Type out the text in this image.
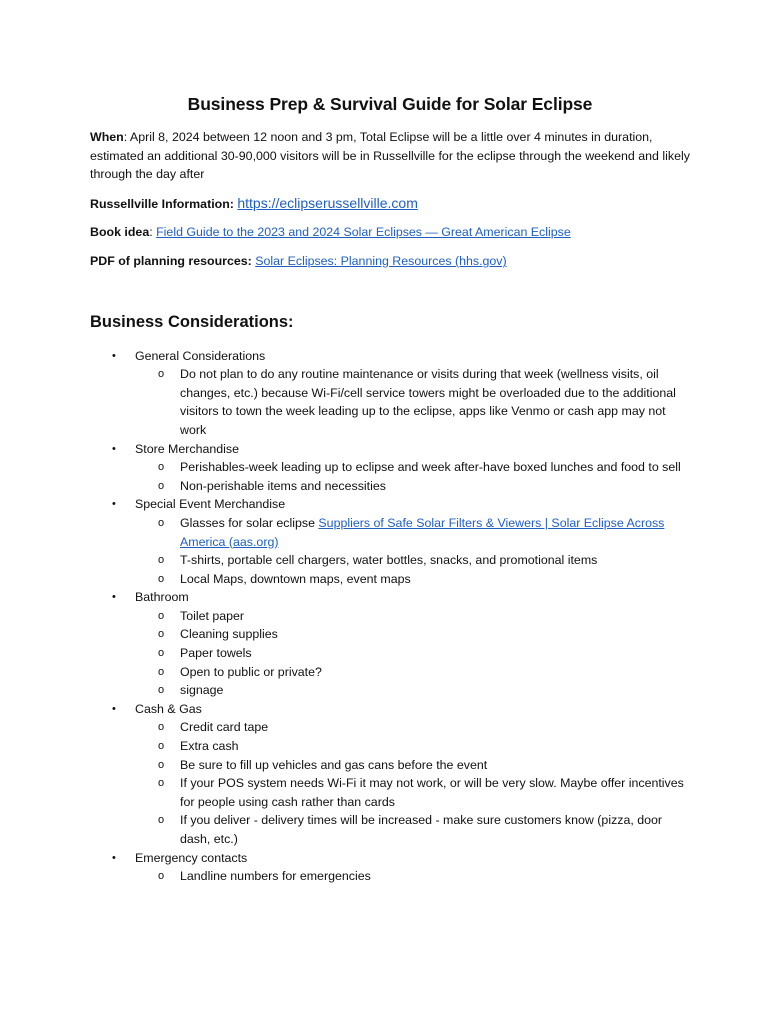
Business Prep & Survival Guide for Solar Eclipse
When: April 8, 2024 between 12 noon and 3 pm, Total Eclipse will be a little over 4 minutes in duration, estimated an additional 30-90,000 visitors will be in Russellville for the eclipse through the weekend and likely through the day after
Russellville Information: https://eclipserussellville.com
Book idea: Field Guide to the 2023 and 2024 Solar Eclipses — Great American Eclipse
PDF of planning resources: Solar Eclipses: Planning Resources (hhs.gov)
Business Considerations:
• General Considerations
o Do not plan to do any routine maintenance or visits during that week (wellness visits, oil changes, etc.) because Wi-Fi/cell service towers might be overloaded due to the additional visitors to town the week leading up to the eclipse, apps like Venmo or cash app may not work
• Store Merchandise
o Perishables-week leading up to eclipse and week after-have boxed lunches and food to sell
o Non-perishable items and necessities
• Special Event Merchandise
o Glasses for solar eclipse Suppliers of Safe Solar Filters & Viewers | Solar Eclipse Across America (aas.org)
o T-shirts, portable cell chargers, water bottles, snacks, and promotional items
o Local Maps, downtown maps, event maps
• Bathroom
o Toilet paper
o Cleaning supplies
o Paper towels
o Open to public or private?
o signage
• Cash & Gas
o Credit card tape
o Extra cash
o Be sure to fill up vehicles and gas cans before the event
o If your POS system needs Wi-Fi it may not work, or will be very slow. Maybe offer incentives for people using cash rather than cards
o If you deliver - delivery times will be increased - make sure customers know (pizza, door dash, etc.)
• Emergency contacts
o Landline numbers for emergencies
